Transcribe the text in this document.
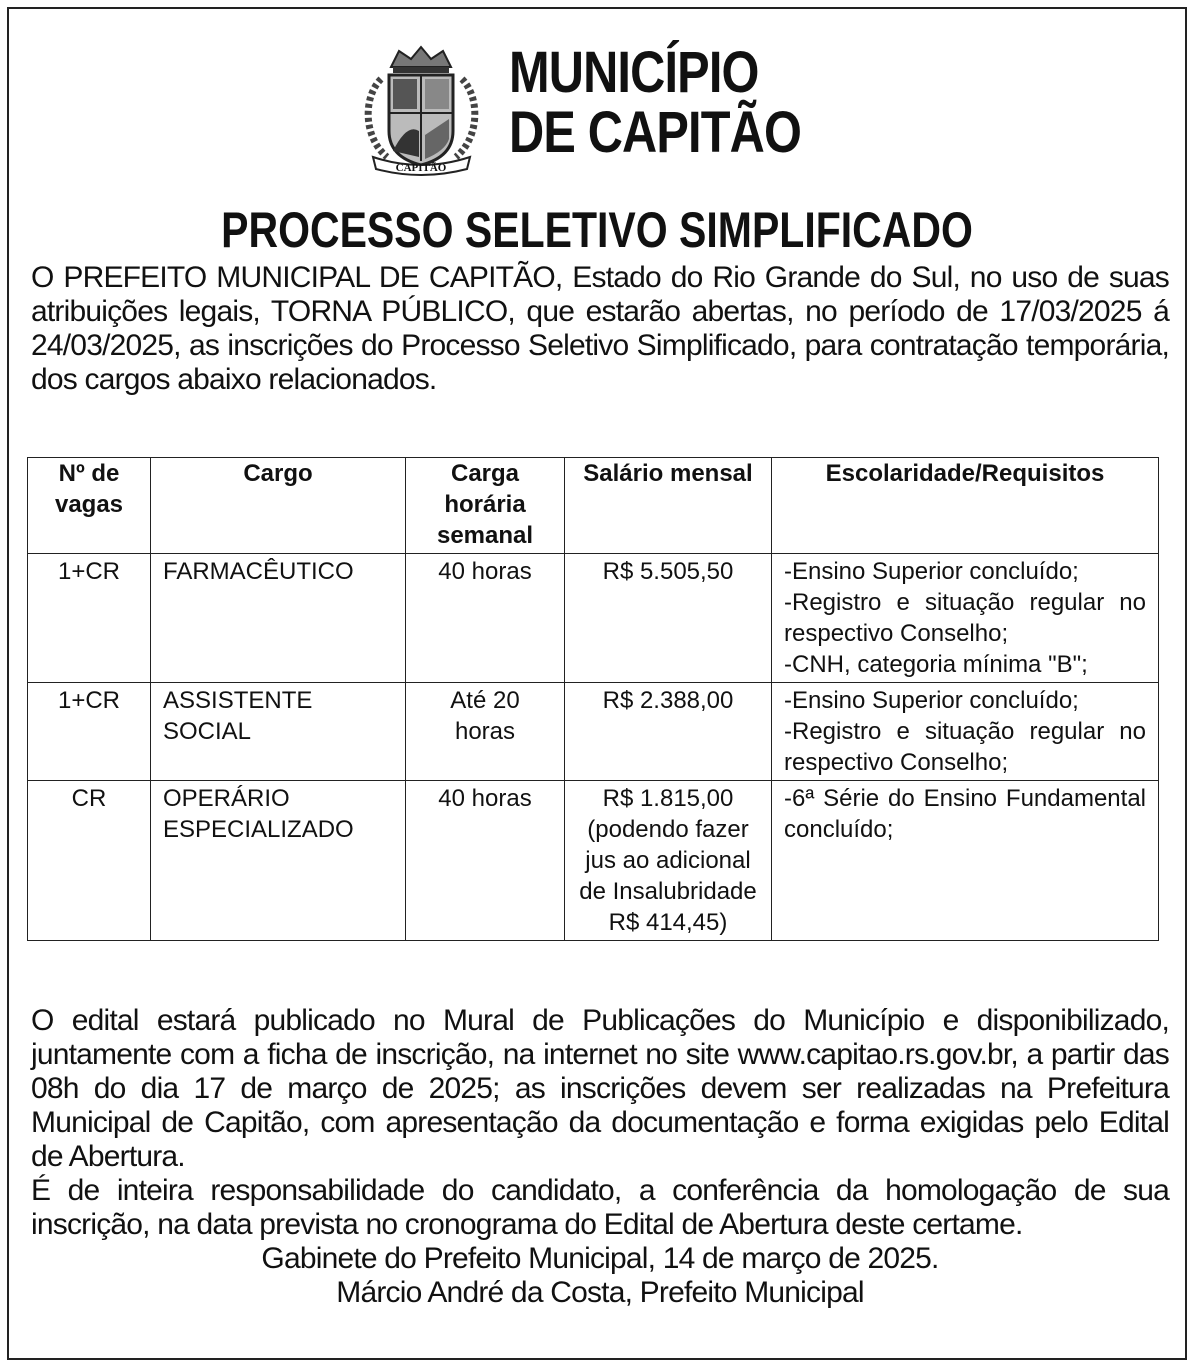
CAPITÃO
MUNICÍPIO
DE CAPITÃO
PROCESSO SELETIVO SIMPLIFICADO

O PREFEITO MUNICIPAL DE CAPITÃO, Estado do Rio Grande do Sul, no uso de suas atribuições legais, TORNA PÚBLICO, que estarão abertas, no período de 17/03/2025 á 24/03/2025, as inscrições do Processo Seletivo Simplificado, para contratação temporária, dos cargos abaixo relacionados.

Nº de vagas	Cargo	Carga horária semanal	Salário mensal	Escolaridade/Requisitos
1+CR	FARMACÊUTICO	40 horas	R$ 5.505,50	-Ensino Superior concluído;
-Registro e situação regular no respectivo Conselho;
-CNH, categoria mínima "B";

1+CR	ASSISTENTE SOCIAL	Até 20 horas	R$ 2.388,00	-Ensino Superior concluído;
-Registro e situação regular no respectivo Conselho;

CR	OPERÁRIO ESPECIALIZADO	40 horas	R$ 1.815,00 (podendo fazer jus ao adicional de Insalubridade R$ 414,45)	-6ª Série do Ensino Fundamental concluído;

O edital estará publicado no Mural de Publicações do Município e disponibilizado, juntamente com a ficha de inscrição, na internet no site www.capitao.rs.gov.br, a partir das 08h do dia 17 de março de 2025; as inscrições devem ser realizadas na Prefeitura Municipal de Capitão, com apresentação da documentação e forma exigidas pelo Edital de Abertura.

É de inteira responsabilidade do candidato, a conferência da homologação de sua inscrição, na data prevista no cronograma do Edital de Abertura deste certame.

Gabinete do Prefeito Municipal, 14 de março de 2025.

Márcio André da Costa, Prefeito Municipal
